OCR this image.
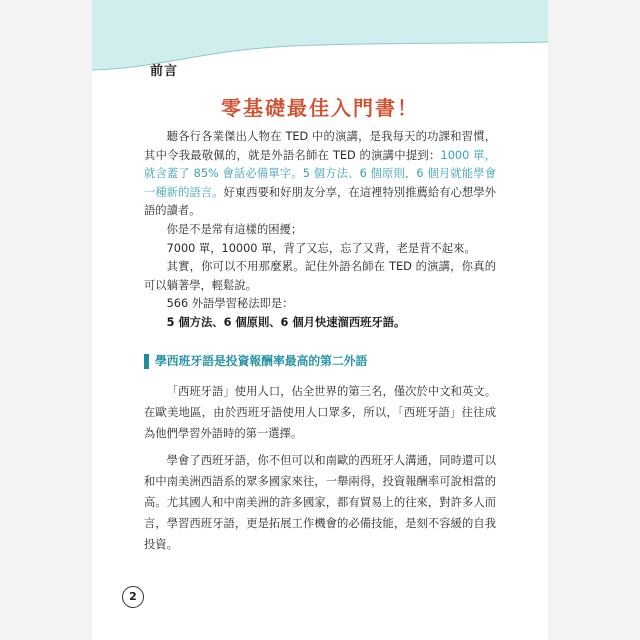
前言
零基礎最佳入門書！

聽各行各業傑出人物在 TED 中的演講，是我每天的功課和習慣，其中令我最敬佩的，就是外語名師在 TED 的演講中提到：1000 單，就含蓋了 85% 會話必備單字。5 個方法、6 個原則，6 個月就能學會一種新的語言。好東西要和好朋友分享，在這裡特別推薦給有心想學外語的讀者。

你是不是常有這樣的困擾；

7000 單，10000 單，背了又忘，忘了又背，老是背不起來。

其實，你可以不用那麼累。記住外語名師在 TED 的演講，你真的可以躺著學，輕鬆說。

566 外語學習秘法即是：

5 個方法、6 個原則、6 個月快速溜西班牙語。

學西班牙語是投資報酬率最高的第二外語

「西班牙語」使用人口，佔全世界的第三名，僅次於中文和英文。在歐美地區，由於西班牙語使用人口眾多，所以，「西班牙語」往往成為他們學習外語時的第一選擇。

學會了西班牙語，你不但可以和南歐的西班牙人溝通，同時還可以和中南美洲西語系的眾多國家來往，一舉兩得，投資報酬率可說相當的高。尤其國人和中南美洲的許多國家，都有貿易上的往來，對許多人而言，學習西班牙語，更是拓展工作機會的必備技能，是刻不容緩的自我投資。

2
